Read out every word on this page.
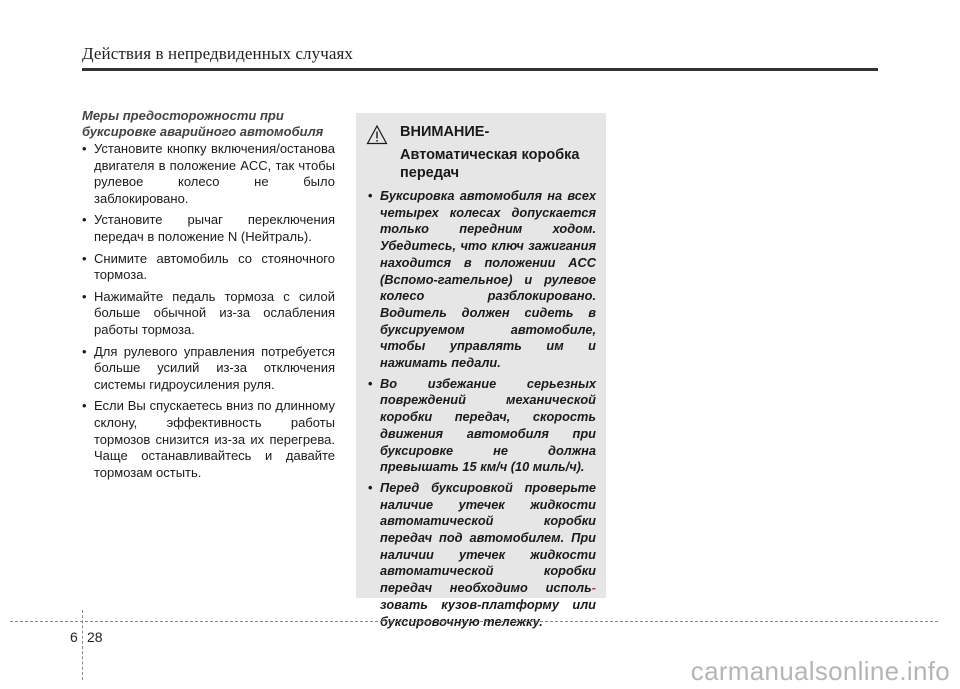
Действия в непредвиденных случаях
Меры предосторожности при буксировке аварийного автомобиля
• Установите кнопку включения/останова двигателя в положение ACC, так чтобы рулевое колесо не было заблокировано.
• Установите рычаг переключения передач в положение N (Нейтраль).
• Снимите автомобиль со стояночного тормоза.
• Нажимайте педаль тормоза с силой больше обычной из-за ослабления работы тормоза.
• Для рулевого управления потребуется больше усилий из-за отключения системы гидроусиления руля.
• Если Вы спускаетесь вниз по длинному склону, эффективность работы тормозов снизится из-за их перегрева. Чаще останавливайтесь и давайте тормозам остыть.
ВНИМАНИЕ-
Автоматическая коробка передач
• Буксировка автомобиля на всех четырех колесах допускается только передним ходом. Убедитесь, что ключ зажигания находится в положении ACC (Вспомо-гательное) и рулевое колесо разблокировано. Водитель должен сидеть в буксируемом автомобиле, чтобы управлять им и нажимать педали.
• Во избежание серьезных повреждений механической коробки передач, скорость движения автомобиля при буксировке не должна превышать 15 км/ч (10 миль/ч).
• Перед буксировкой проверьте наличие утечек жидкости автоматической коробки передач под автомобилем. При наличии утечек жидкости автоматической коробки передач необходимо исполь- зовать кузов-платформу или буксировочную тележку.
6 28
carmanualsonline.info
